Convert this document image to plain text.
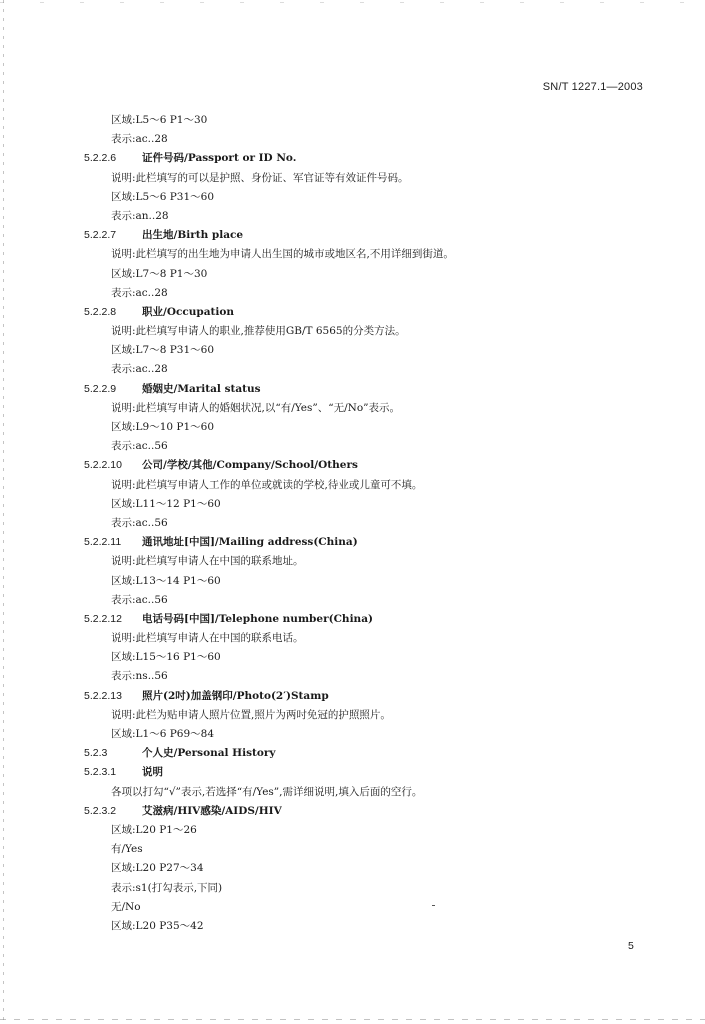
SN/T 1227.1—2003
区域:L5～6 P1～30
表示:ac..28
5.2.2.6 证件号码/Passport or ID No.
说明:此栏填写的可以是护照、身份证、军官证等有效证件号码。
区域:L5～6 P31～60
表示:an..28
5.2.2.7 出生地/Birth place
说明:此栏填写的出生地为申请人出生国的城市或地区名,不用详细到街道。
区域:L7～8 P1～30
表示:ac..28
5.2.2.8 职业/Occupation
说明:此栏填写申请人的职业,推荐使用GB/T 6565的分类方法。
区域:L7～8 P31～60
表示:ac..28
5.2.2.9 婚姻史/Marital status
说明:此栏填写申请人的婚姻状况,以“有/Yes”、“无/No”表示。
区域:L9～10 P1～60
表示:ac..56
5.2.2.10 公司/学校/其他/Company/School/Others
说明:此栏填写申请人工作的单位或就读的学校,待业或儿童可不填。
区域:L11～12 P1～60
表示:ac..56
5.2.2.11 通讯地址[中国]/Mailing address(China)
说明:此栏填写申请人在中国的联系地址。
区域:L13～14 P1～60
表示:ac..56
5.2.2.12 电话号码[中国]/Telephone number(China)
说明:此栏填写申请人在中国的联系电话。
区域:L15～16 P1～60
表示:ns..56
5.2.2.13 照片(2吋)加盖钢印/Photo(2′)Stamp
说明:此栏为贴申请人照片位置,照片为两吋免冠的护照照片。
区域:L1～6 P69～84
5.2.3	个人史/Personal History
5.2.3.1 说明
各项以打勾“√”表示,若选择“有/Yes”,需详细说明,填入后面的空行。
5.2.3.2 艾滋病/HIV感染/AIDS/HIV
区域:L20 P1～26
有/Yes
区域:L20 P27～34
表示:s1(打勾表示,下同)
无/No
区域:L20 P35～42
5
